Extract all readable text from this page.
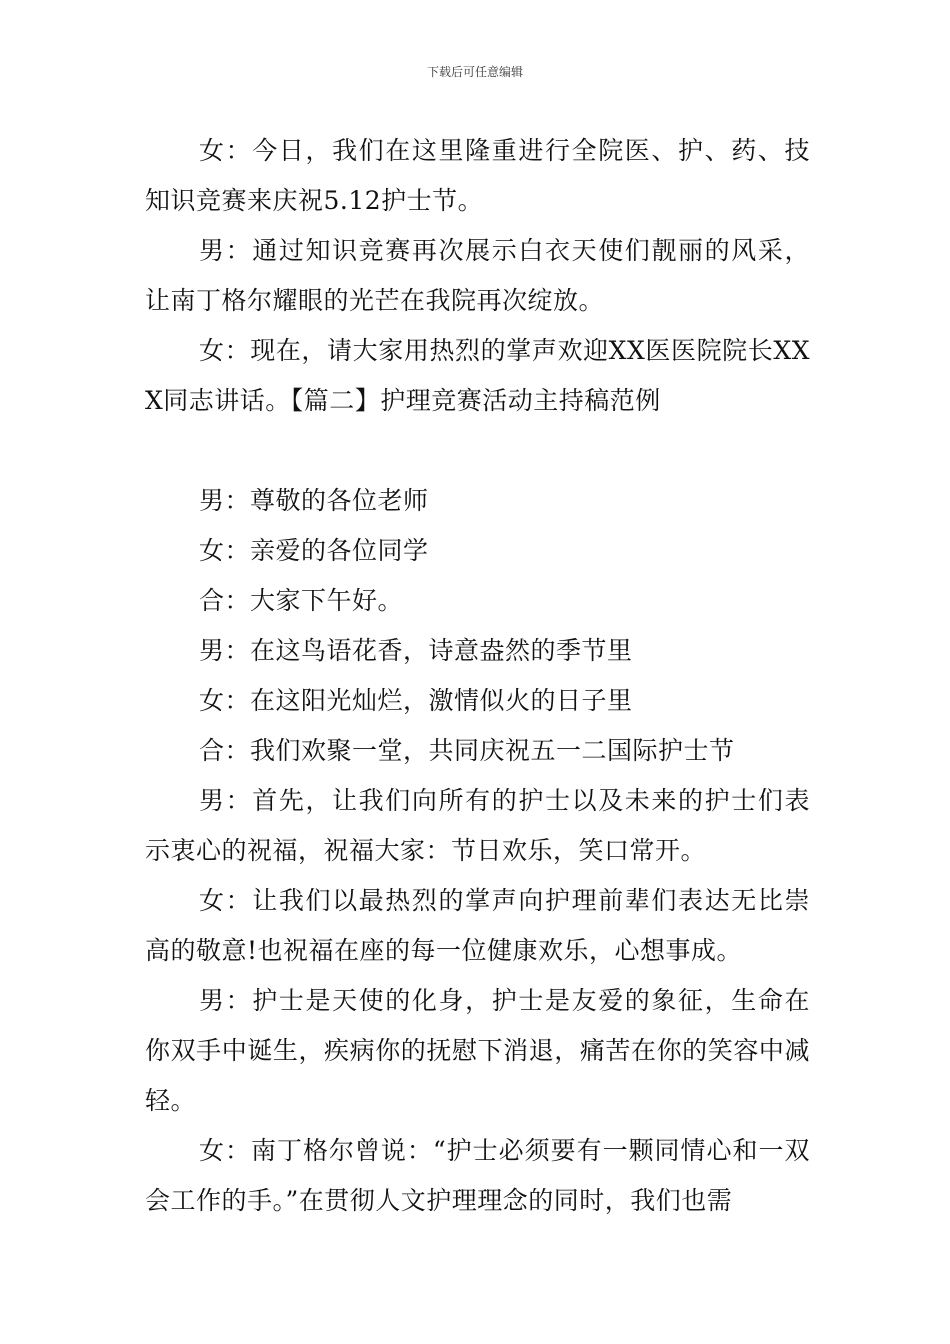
下载后可任意编辑

女：今日，我们在这里隆重进行全院医、护、药、技知识竞赛来庆祝5.12护士节。

男：通过知识竞赛再次展示白衣天使们靓丽的风采，让南丁格尔耀眼的光芒在我院再次绽放。

女：现在，请大家用热烈的掌声欢迎XX医医院院长XXX同志讲话。【篇二】护理竞赛活动主持稿范例

男：尊敬的各位老师

女：亲爱的各位同学

合：大家下午好。

男：在这鸟语花香，诗意盎然的季节里

女：在这阳光灿烂，激情似火的日子里

合：我们欢聚一堂，共同庆祝五一二国际护士节

男：首先，让我们向所有的护士以及未来的护士们表示衷心的祝福，祝福大家：节日欢乐，笑口常开。

女：让我们以最热烈的掌声向护理前辈们表达无比崇高的敬意!也祝福在座的每一位健康欢乐，心想事成。

男：护士是天使的化身，护士是友爱的象征，生命在你双手中诞生，疾病你的抚慰下消退，痛苦在你的笑容中减轻。

女：南丁格尔曾说：“护士必须要有一颗同情心和一双会工作的手。”在贯彻人文护理理念的同时，我们也需
